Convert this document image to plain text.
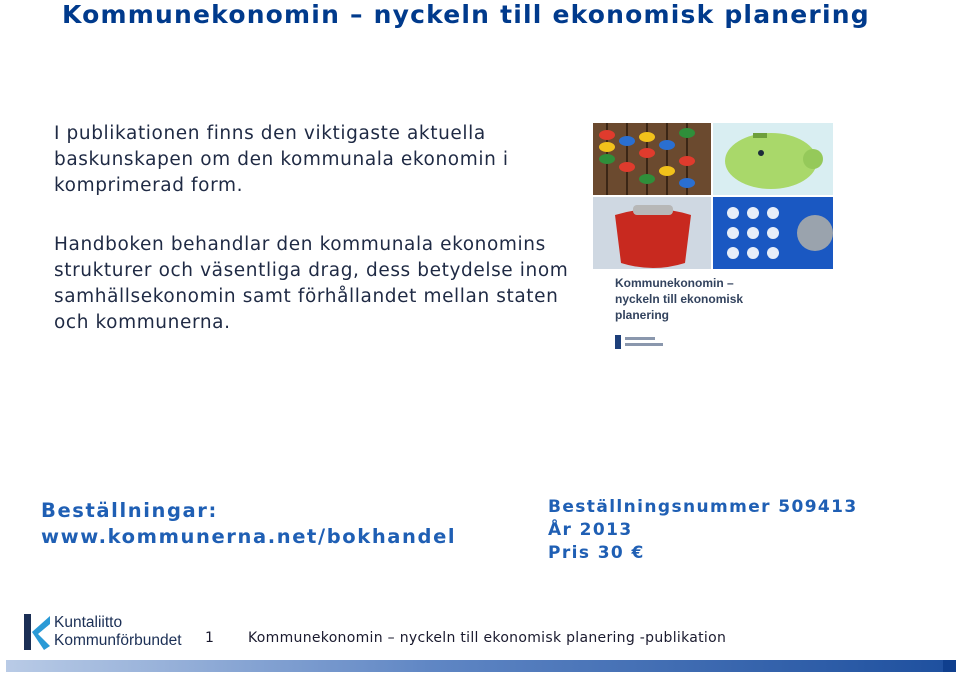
Kommunekonomin – nyckeln till ekonomisk planering

I publikationen finns den viktigaste aktuella baskunskapen om den kommunala ekonomin i komprimerad form.

Handboken behandlar den kommunala ekonomins strukturer och väsentliga drag, dess betydelse inom samhällsekonomin samt förhållandet mellan staten och kommunerna.

Kommunekonomin –
nyckeln till ekonomisk
planering
Beställningar:
www.kommunerna.net/bokhandel
Beställningsnummer 509413
År 2013
Pris 30 €
Kuntaliitto
Kommunförbundet 1 Kommunekonomin – nyckeln till ekonomisk planering -publikation
